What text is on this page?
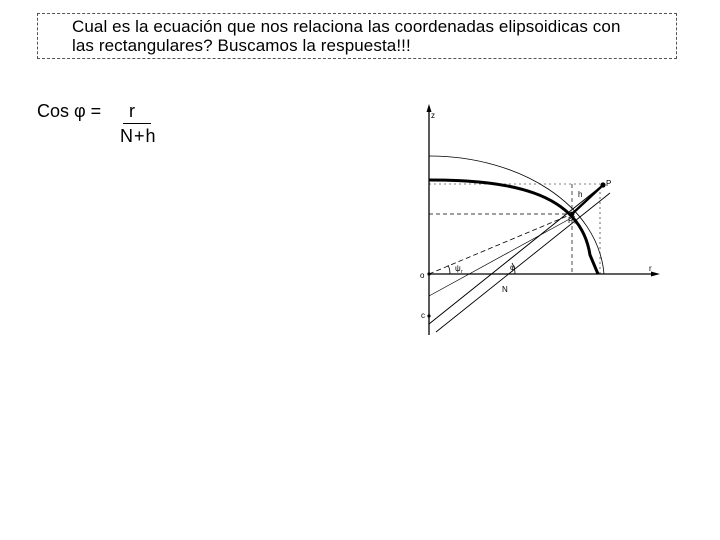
Cual es la ecuación que nos relaciona las coordenadas elipsoidicas con
las rectangulares? Buscamos la respuesta!!!
Cos φ = r
N+h
z
r
o
c
h
P
P₀
N
ψ r	φ
